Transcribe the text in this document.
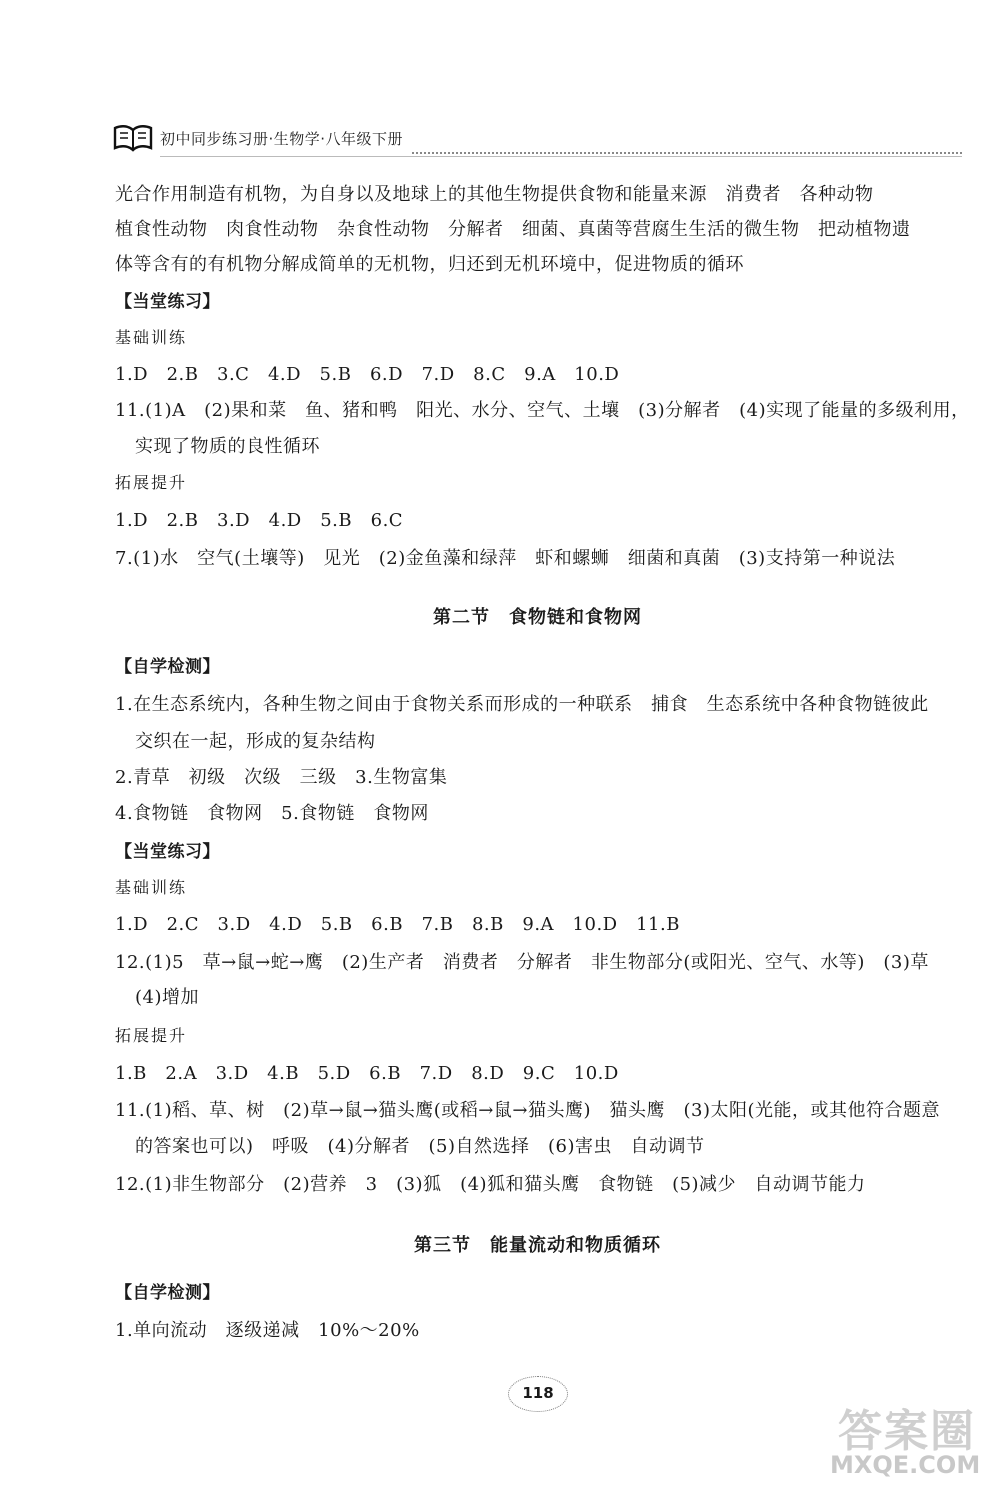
初中同步练习册·生物学·八年级下册
光合作用制造有机物，为自身以及地球上的其他生物提供食物和能量来源　消费者　各种动物
植食性动物　肉食性动物　杂食性动物　分解者　细菌、真菌等营腐生生活的微生物　把动植物遗
体等含有的有机物分解成简单的无机物，归还到无机环境中，促进物质的循环
【当堂练习】
基础训练
1.D　2.B　3.C　4.D　5.B　6.D　7.D　8.C　9.A　10.D
11.(1)A　(2)果和菜　鱼、猪和鸭　阳光、水分、空气、土壤　(3)分解者　(4)实现了能量的多级利用，
实现了物质的良性循环
拓展提升
1.D　2.B　3.D　4.D　5.B　6.C
7.(1)水　空气(土壤等)　见光　(2)金鱼藻和绿萍　虾和螺蛳　细菌和真菌　(3)支持第一种说法
第二节　食物链和食物网
【自学检测】
1.在生态系统内，各种生物之间由于食物关系而形成的一种联系　捕食　生态系统中各种食物链彼此
交织在一起，形成的复杂结构
2.青草　初级　次级　三级　3.生物富集
4.食物链　食物网　5.食物链　食物网
【当堂练习】
基础训练
1.D　2.C　3.D　4.D　5.B　6.B　7.B　8.B　9.A　10.D　11.B
12.(1)5　草→鼠→蛇→鹰　(2)生产者　消费者　分解者　非生物部分(或阳光、空气、水等)　(3)草
(4)增加
拓展提升
1.B　2.A　3.D　4.B　5.D　6.B　7.D　8.D　9.C　10.D
11.(1)稻、草、树　(2)草→鼠→猫头鹰(或稻→鼠→猫头鹰)　猫头鹰　(3)太阳(光能，或其他符合题意
的答案也可以)　呼吸　(4)分解者　(5)自然选择　(6)害虫　自动调节
12.(1)非生物部分　(2)营养　3　(3)狐　(4)狐和猫头鹰　食物链　(5)减少　自动调节能力
第三节　能量流动和物质循环
【自学检测】
1.单向流动　逐级递减　10%～20%
118
答案圈
MXQE.COM
